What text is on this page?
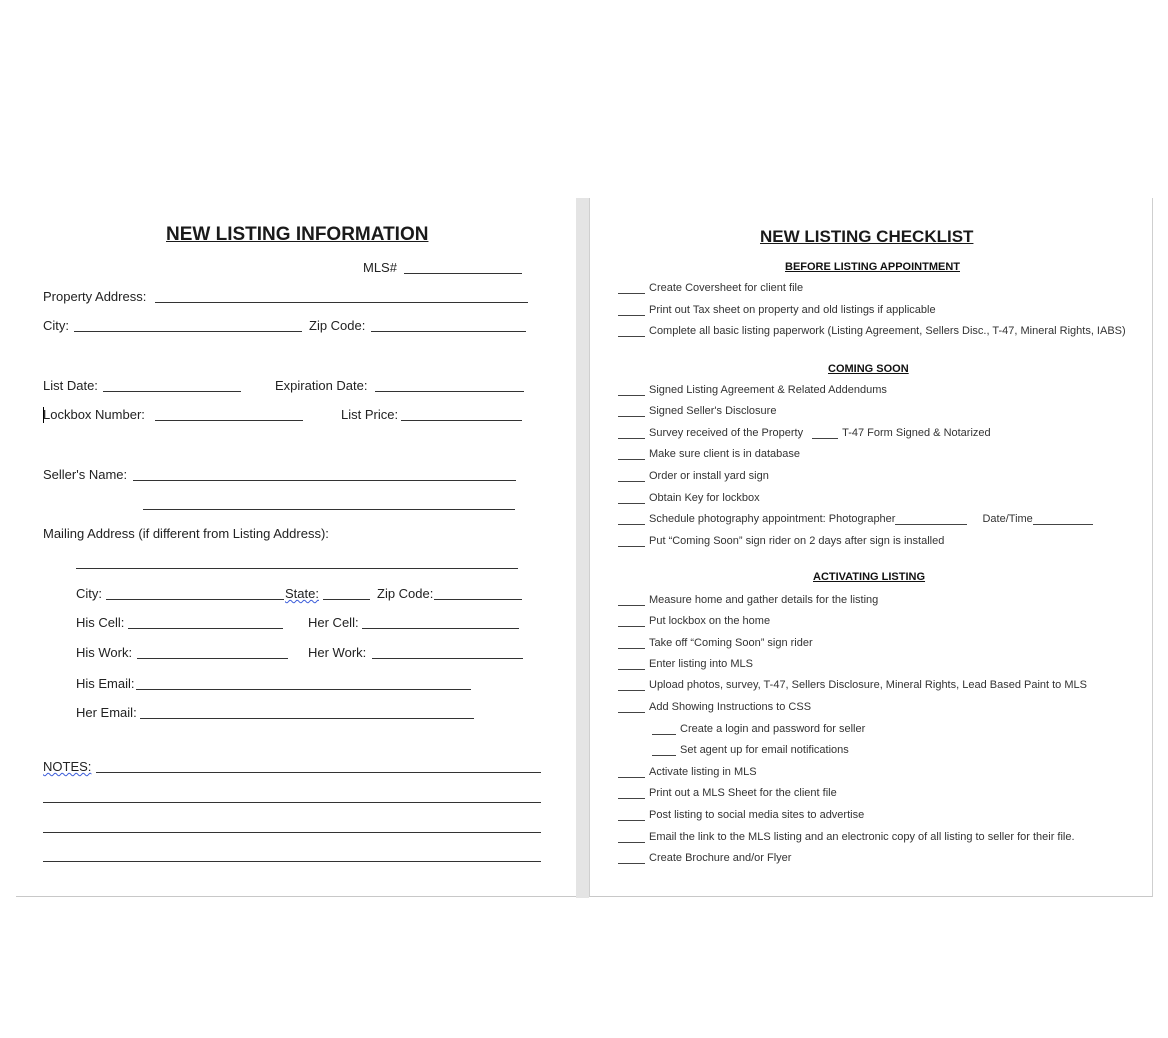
NEW LISTING INFORMATION
MLS#
Property Address:
City:	Zip Code:
List Date:	Expiration Date:
Lockbox Number:	List Price:
Seller's Name:
Mailing Address (if different from Listing Address):
City:	State:	Zip Code:
His Cell:	Her Cell:
His Work:	Her Work:
His Email:
Her Email:
NOTES:
NEW LISTING CHECKLIST
BEFORE LISTING APPOINTMENT
Create Coversheet for client file
Print out Tax sheet on property and old listings if applicable
Complete all basic listing paperwork (Listing Agreement, Sellers Disc., T-47, Mineral Rights, IABS)
COMING SOON
Signed Listing Agreement & Related Addendums
Signed Seller's Disclosure
Survey received of the Property	T-47 Form Signed & Notarized
Make sure client is in database
Order or install yard sign
Obtain Key for lockbox
Schedule photography appointment: Photographer	Date/Time
Put “Coming Soon” sign rider on 2 days after sign is installed
ACTIVATING LISTING
Measure home and gather details for the listing
Put lockbox on the home
Take off “Coming Soon” sign rider
Enter listing into MLS
Upload photos, survey, T-47, Sellers Disclosure, Mineral Rights, Lead Based Paint to MLS
Add Showing Instructions to CSS
Create a login and password for seller
Set agent up for email notifications
Activate listing in MLS
Print out a MLS Sheet for the client file
Post listing to social media sites to advertise
Email the link to the MLS listing and an electronic copy of all listing to seller for their file.
Create Brochure and/or Flyer
